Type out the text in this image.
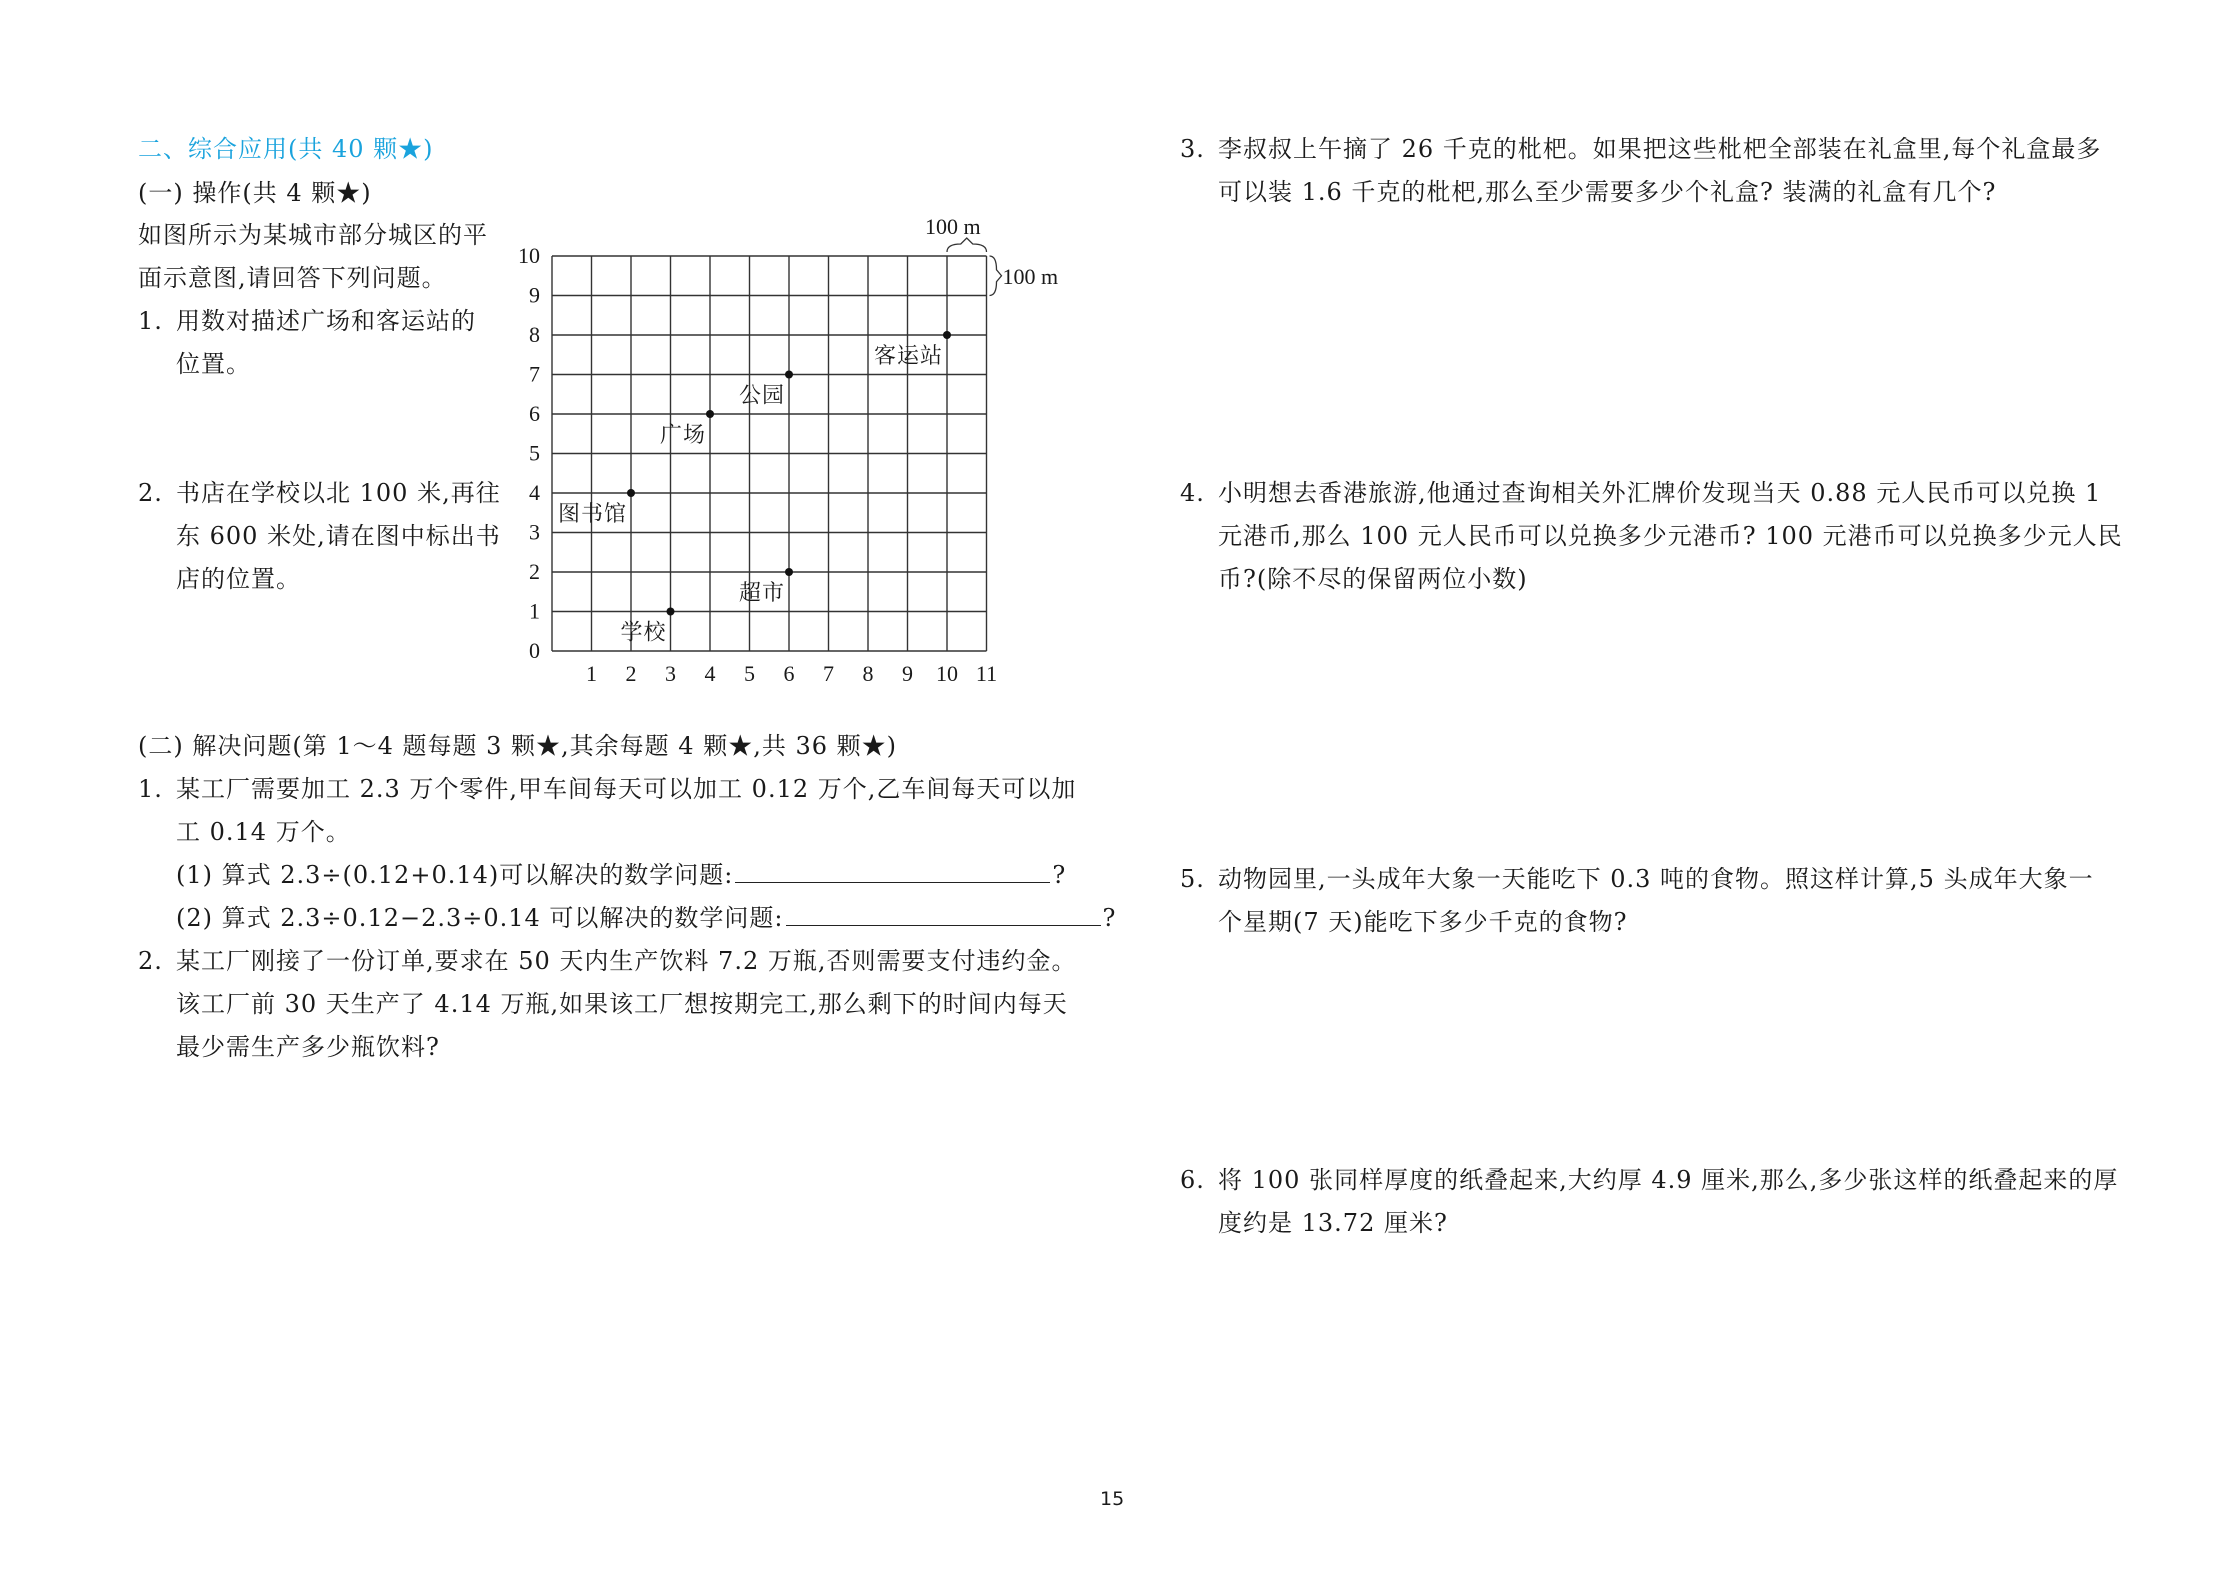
二、综合应用(共 40 颗★)
(一) 操作(共 4 颗★)
如图所示为某城市部分城区的平
面示意图,请回答下列问题。
1. 用数对描述广场和客运站的
位置。
2. 书店在学校以北 100 米,再往
东 600 米处,请在图中标出书
店的位置。
1 2 3 4 5 6 7 8 9 10 11
0
1
2
3
4
5
6
7
8
9
10
学校
超市
图书馆
广场
公园
客运站
100 m
100 m
(二) 解决问题(第 1～4 题每题 3 颗★,其余每题 4 颗★,共 36 颗★)
1. 某工厂需要加工 2.3 万个零件,甲车间每天可以加工 0.12 万个,乙车间每天可以加
工 0.14 万个。
(1) 算式 2.3÷(0.12+0.14)可以解决的数学问题:	?
(2) 算式 2.3÷0.12−2.3÷0.14 可以解决的数学问题:	?
2. 某工厂刚接了一份订单,要求在 50 天内生产饮料 7.2 万瓶,否则需要支付违约金。
该工厂前 30 天生产了 4.14 万瓶,如果该工厂想按期完工,那么剩下的时间内每天
最少需生产多少瓶饮料?
3. 李叔叔上午摘了 26 千克的枇杷。如果把这些枇杷全部装在礼盒里,每个礼盒最多
可以装 1.6 千克的枇杷,那么至少需要多少个礼盒? 装满的礼盒有几个?
4. 小明想去香港旅游,他通过查询相关外汇牌价发现当天 0.88 元人民币可以兑换 1
元港币,那么 100 元人民币可以兑换多少元港币? 100 元港币可以兑换多少元人民
币?(除不尽的保留两位小数)
5. 动物园里,一头成年大象一天能吃下 0.3 吨的食物。照这样计算,5 头成年大象一
个星期(7 天)能吃下多少千克的食物?
6. 将 100 张同样厚度的纸叠起来,大约厚 4.9 厘米,那么,多少张这样的纸叠起来的厚
度约是 13.72 厘米?
15
